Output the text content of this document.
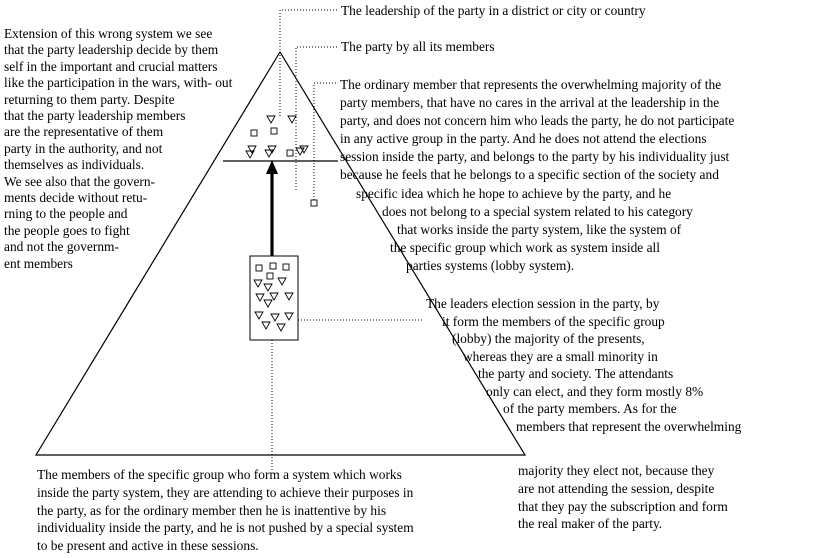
Extension of this wrong system we see
that the party leadership decide by them
self in the important and crucial matters
like the participation in the wars, with- out
returning to them party. Despite
that the party leadership members
are the representative of them
party in the authority, and not
themselves as individuals.
We see also that the govern-
ments decide without retu-
rning to the people and
the people goes to fight
and not the governm-
ent members
The leadership of the party in a district or city or country
The party by all its members
The ordinary member that represents the overwhelming majority of the
party members, that have no cares in the arrival at the leadership in the
party, and does not concern him who leads the party, he do not participate
in any active group in the party. And he does not attend the elections
session inside the party, and belongs to the party by his individuality just
because he feels that he belongs to a specific section of the society and
specific idea which he hope to achieve by the party, and he
does not belong to a special system related to his category
that works inside the party system, like the system of
the specific group which work as system inside all
parties systems (lobby system).
The leaders election session in the party, by
it form the members of the specific group
(lobby) the majority of the presents,
whereas they are a small minority in
the party and society. The attendants
only can elect, and they form mostly 8%
of the party members. As for the
members that represent the overwhelming
The members of the specific group who form a system which works
inside the party system, they are attending to achieve their purposes in
the party, as for the ordinary member then he is inattentive by his
individuality inside the party, and he is not pushed by a special system
to be present and active in these sessions.
majority they elect not, because they
are not attending the session, despite
that they pay the subscription and form
the real maker of the party.
